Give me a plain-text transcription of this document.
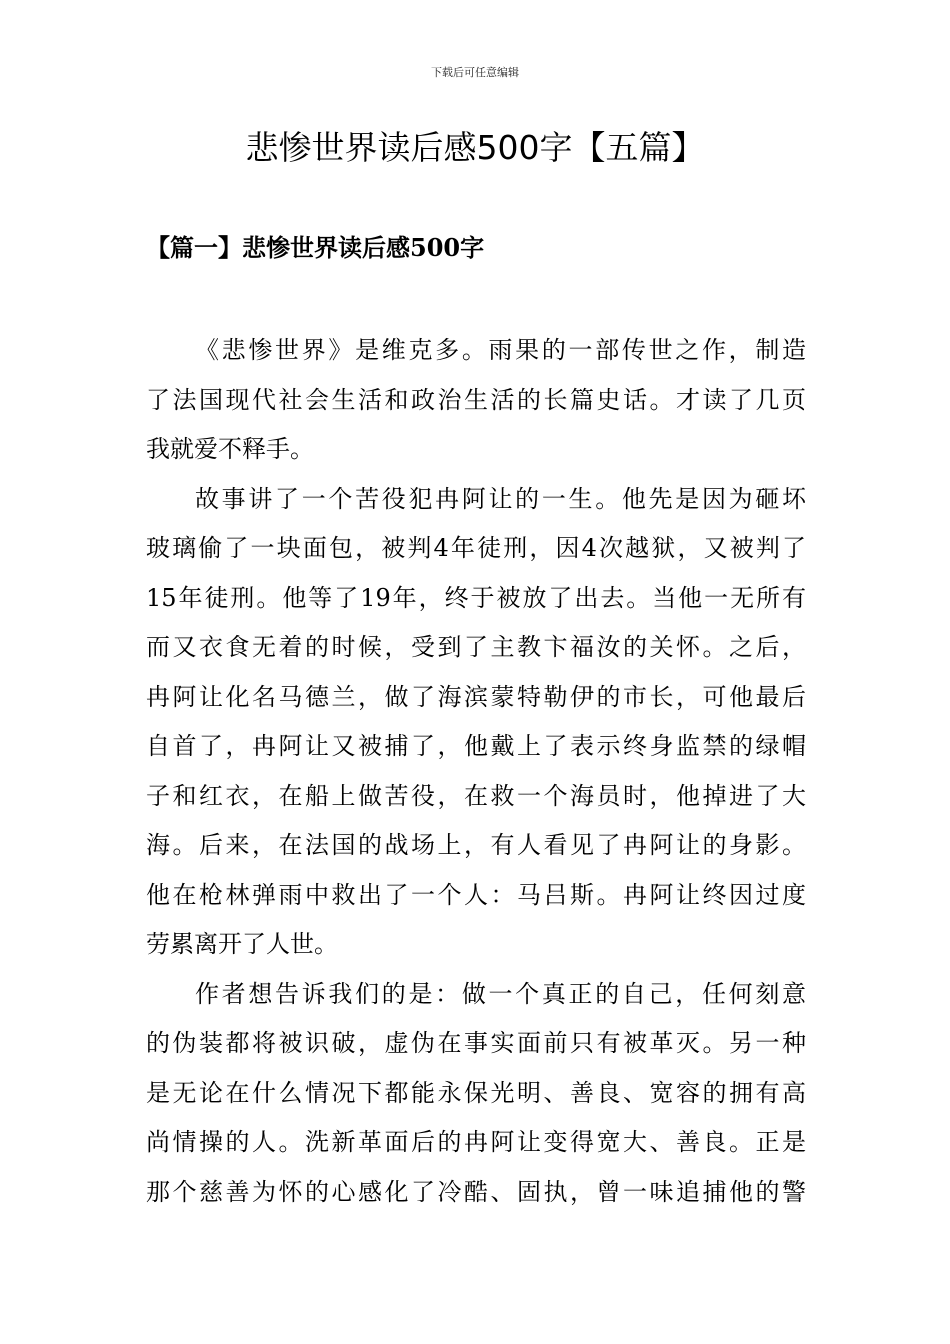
下载后可任意编辑
悲惨世界读后感500字【五篇】
【篇一】悲惨世界读后感500字

《悲惨世界》是维克多。雨果的一部传世之作，制造

了法国现代社会生活和政治生活的长篇史话。才读了几页

我就爱不释手。

故事讲了一个苦役犯冉阿让的一生。他先是因为砸坏

玻璃偷了一块面包，被判4年徒刑，因4次越狱，又被判了

15年徒刑。他等了19年，终于被放了出去。当他一无所有

而又衣食无着的时候，受到了主教卞福汝的关怀。之后，

冉阿让化名马德兰，做了海滨蒙特勒伊的市长，可他最后

自首了，冉阿让又被捕了，他戴上了表示终身监禁的绿帽

子和红衣，在船上做苦役，在救一个海员时，他掉进了大

海。后来，在法国的战场上，有人看见了冉阿让的身影。

他在枪林弹雨中救出了一个人：马吕斯。冉阿让终因过度

劳累离开了人世。

作者想告诉我们的是：做一个真正的自己，任何刻意

的伪装都将被识破，虚伪在事实面前只有被革灭。另一种

是无论在什么情况下都能永保光明、善良、宽容的拥有高

尚情操的人。洗新革面后的冉阿让变得宽大、善良。正是

那个慈善为怀的心感化了冷酷、固执，曾一味追捕他的警
